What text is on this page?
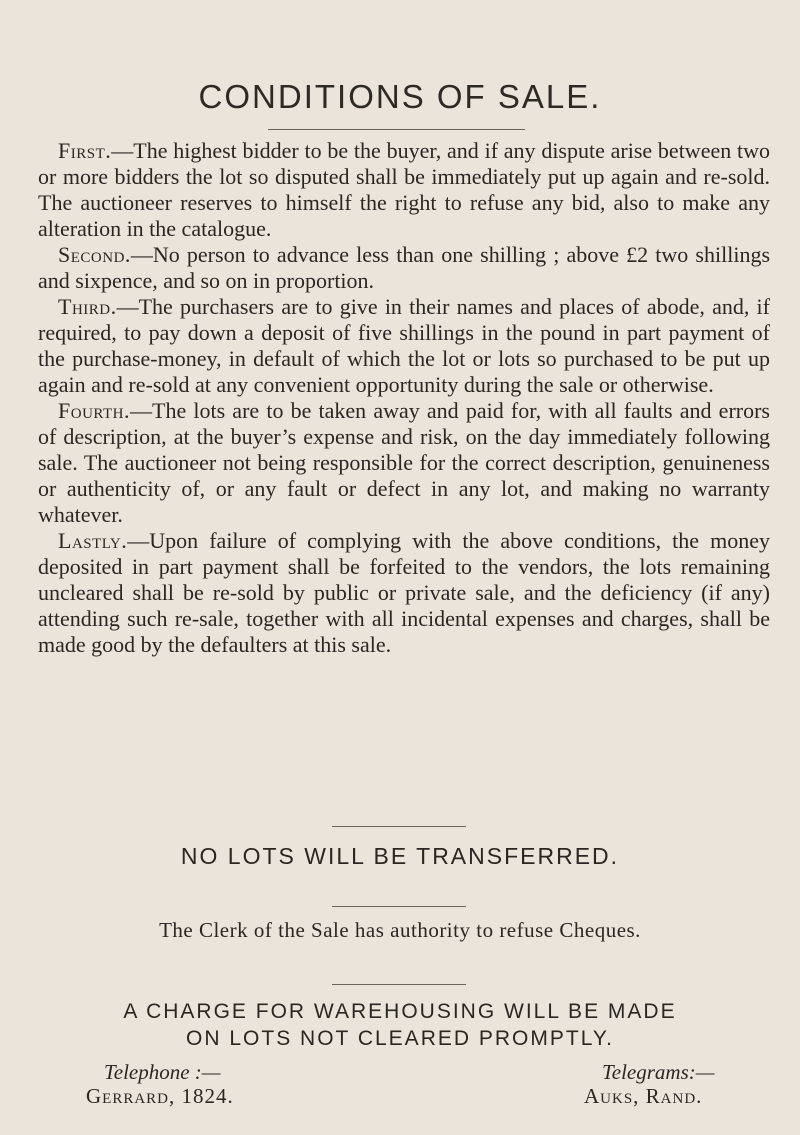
CONDITIONS OF SALE.

First.—The highest bidder to be the buyer, and if any dispute arise between two or more bidders the lot so disputed shall be immediately put up again and re-sold. The auctioneer reserves to himself the right to refuse any bid, also to make any alteration in the catalogue.

Second.—No person to advance less than one shilling ; above £2 two shillings and sixpence, and so on in proportion.

Third.—The purchasers are to give in their names and places of abode, and, if required, to pay down a deposit of five shillings in the pound in part payment of the purchase-money, in default of which the lot or lots so purchased to be put up again and re-sold at any convenient opportunity during the sale or otherwise.

Fourth.—The lots are to be taken away and paid for, with all faults and errors of description, at the buyer’s expense and risk, on the day immediately following sale. The auctioneer not being responsible for the correct description, genuineness or authenticity of, or any fault or defect in any lot, and making no warranty whatever.

Lastly.—Upon failure of complying with the above conditions, the money deposited in part payment shall be forfeited to the vendors, the lots remaining uncleared shall be re-sold by public or private sale, and the deficiency (if any) attending such re-sale, together with all incidental expenses and charges, shall be made good by the defaulters at this sale.

NO LOTS WILL BE TRANSFERRED.

The Clerk of the Sale has authority to refuse Cheques.

A CHARGE FOR WAREHOUSING WILL BE MADE
ON LOTS NOT CLEARED PROMPTLY.

Telephone :—
Gerrard, 1824.
Telegrams:—
Auks, Rand.
